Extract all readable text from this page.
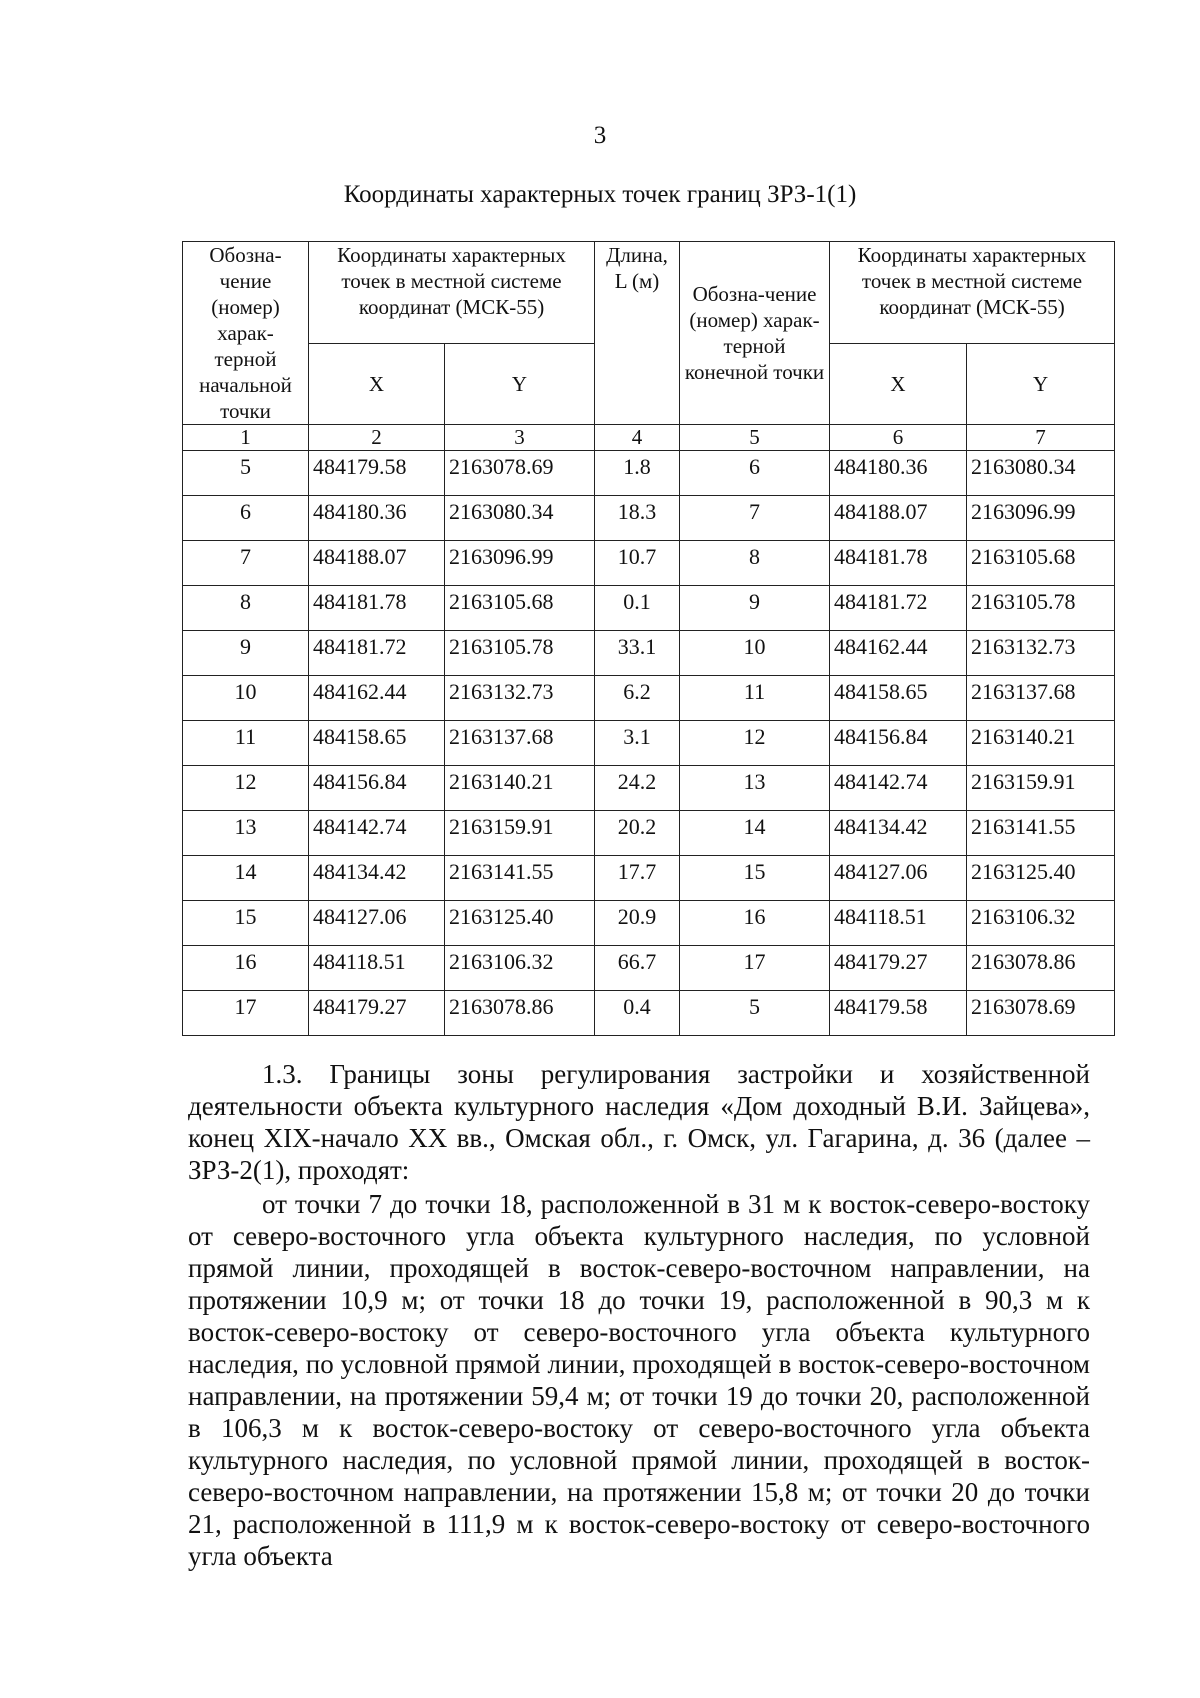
3
Координаты характерных точек границ ЗРЗ-1(1)
Обозна-чение (номер) харак-терной начальной точки	Координаты характерных точек в местной системе координат (МСК-55)		Длина, L (м)	Обозна-чение (номер) харак-терной конечной точки	Координаты характерных точек в местной системе координат (МСК-55)	
	X	Y			X	Y
1	2	3	4	5	6	7
5	484179.58	2163078.69	1.8	6	484180.36	2163080.34
6	484180.36	2163080.34	18.3	7	484188.07	2163096.99
7	484188.07	2163096.99	10.7	8	484181.78	2163105.68
8	484181.78	2163105.68	0.1	9	484181.72	2163105.78
9	484181.72	2163105.78	33.1	10	484162.44	2163132.73
10	484162.44	2163132.73	6.2	11	484158.65	2163137.68
11	484158.65	2163137.68	3.1	12	484156.84	2163140.21
12	484156.84	2163140.21	24.2	13	484142.74	2163159.91
13	484142.74	2163159.91	20.2	14	484134.42	2163141.55
14	484134.42	2163141.55	17.7	15	484127.06	2163125.40
15	484127.06	2163125.40	20.9	16	484118.51	2163106.32
16	484118.51	2163106.32	66.7	17	484179.27	2163078.86
17	484179.27	2163078.86	0.4	5	484179.58	2163078.69
1.3. Границы зоны регулирования застройки и хозяйственной деятельности объекта культурного наследия «Дом доходный В.И. Зайцева», конец XIX-начало XX вв., Омская обл., г. Омск, ул. Гагарина, д. 36 (далее – ЗРЗ-2(1), проходят:
от точки 7 до точки 18, расположенной в 31 м к восток-северо-востоку от северо-восточного угла объекта культурного наследия, по условной прямой линии, проходящей в восток-северо-восточном направлении, на протяжении 10,9 м; от точки 18 до точки 19, расположенной в 90,3 м к восток-северо-востоку от северо-восточного угла объекта культурного наследия, по условной прямой линии, проходящей в восток-северо-восточном направлении, на протяжении 59,4 м; от точки 19 до точки 20, расположенной в 106,3 м к восток-северо-востоку от северо-восточного угла объекта культурного наследия, по условной прямой линии, проходящей в восток-северо-восточном направлении, на протяжении 15,8 м; от точки 20 до точки 21, расположенной в 111,9 м к восток-северо-востоку от северо-восточного угла объекта
